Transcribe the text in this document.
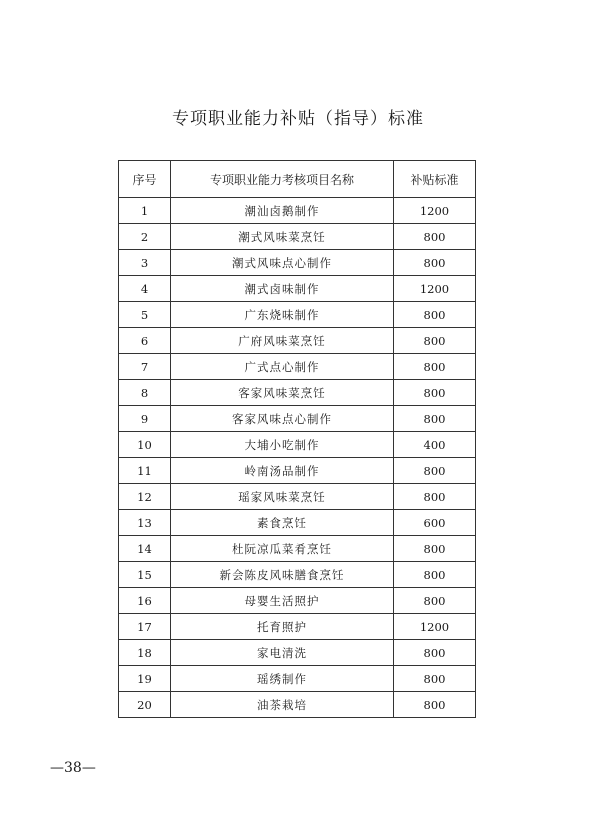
专项职业能力补贴（指导）标准
序号	专项职业能力考核项目名称	补贴标准
1	潮汕卤鹅制作	1200
2	潮式风味菜烹饪	800
3	潮式风味点心制作	800
4	潮式卤味制作	1200
5	广东烧味制作	800
6	广府风味菜烹饪	800
7	广式点心制作	800
8	客家风味菜烹饪	800
9	客家风味点心制作	800
10	大埔小吃制作	400
11	岭南汤品制作	800
12	瑶家风味菜烹饪	800
13	素食烹饪	600
14	杜阮凉瓜菜肴烹饪	800
15	新会陈皮风味膳食烹饪	800
16	母婴生活照护	800
17	托育照护	1200
18	家电清洗	800
19	瑶绣制作	800
20	油茶栽培	800
—38—
